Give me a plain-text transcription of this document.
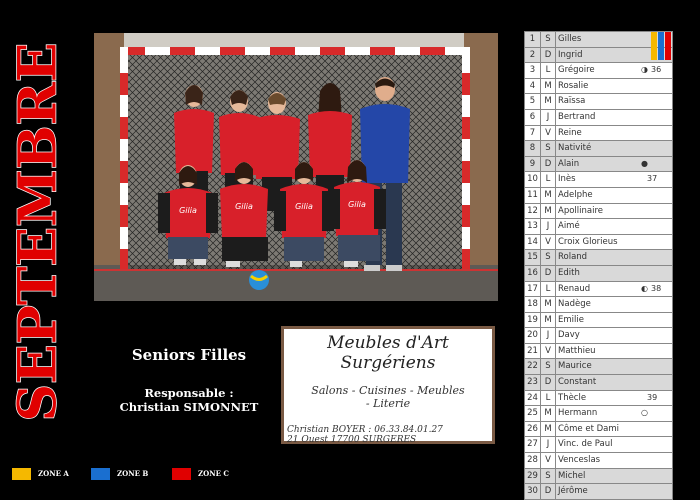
SEPTEMBRE	Gilia	Gilia	Gilia	Gilia
Seniors Filles
Responsable :
Christian SIMONNET
Meubles d'Art
Surgériens
Salons - Cuisines - Meubles
- Literie
Christian BOYER : 06.33.84.01.27
21 Ouest 17700 SURGERES
ZONE A	ZONE B	ZONE C
1	S Gilles
2	D Ingrid
3	L Grégoire	◑ 36
4	M Rosalie
5	M Raïssa
6	J	Bertrand
7	V Reine
8	S Nativité
9	D Alain	●
10 L Inès	37
11 M Adelphe
12 M Apollinaire
13	J	Aimé
14 V Croix Glorieus
15 S Roland
16 D Edith
17 L Renaud	◐ 38
18 M Nadège
19 M Emilie
20	J	Davy
21 V Matthieu
22 S Maurice
23 D Constant
24 L Thècle	39
25 M Hermann	○
26 M Côme et Dami
27	J	Vinc. de Paul
28 V Venceslas
29 S Michel
30 D Jérôme
